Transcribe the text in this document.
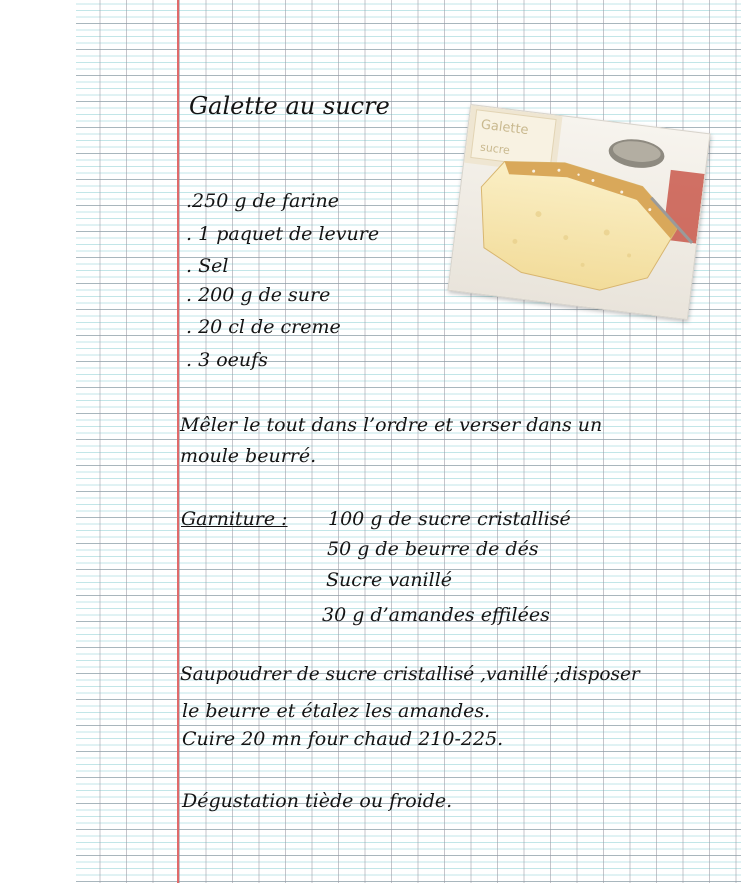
Galette au sucre
.250 g de farine
. 1 paquet de levure
. Sel
. 200 g de sure
. 20 cl de creme
. 3 oeufs
Mêler le tout dans l’ordre et verser dans un
moule beurré.
Garniture : 100 g de sucre cristallisé
50 g de beurre de dés
Sucre vanillé
30 g d’amandes effilées
Saupoudrer de sucre cristallisé ,vanillé ;disposer
le beurre et étalez les amandes.
Cuire 20 mn four chaud 210-225.
Dégustation tiède ou froide.
Galette
sucre
